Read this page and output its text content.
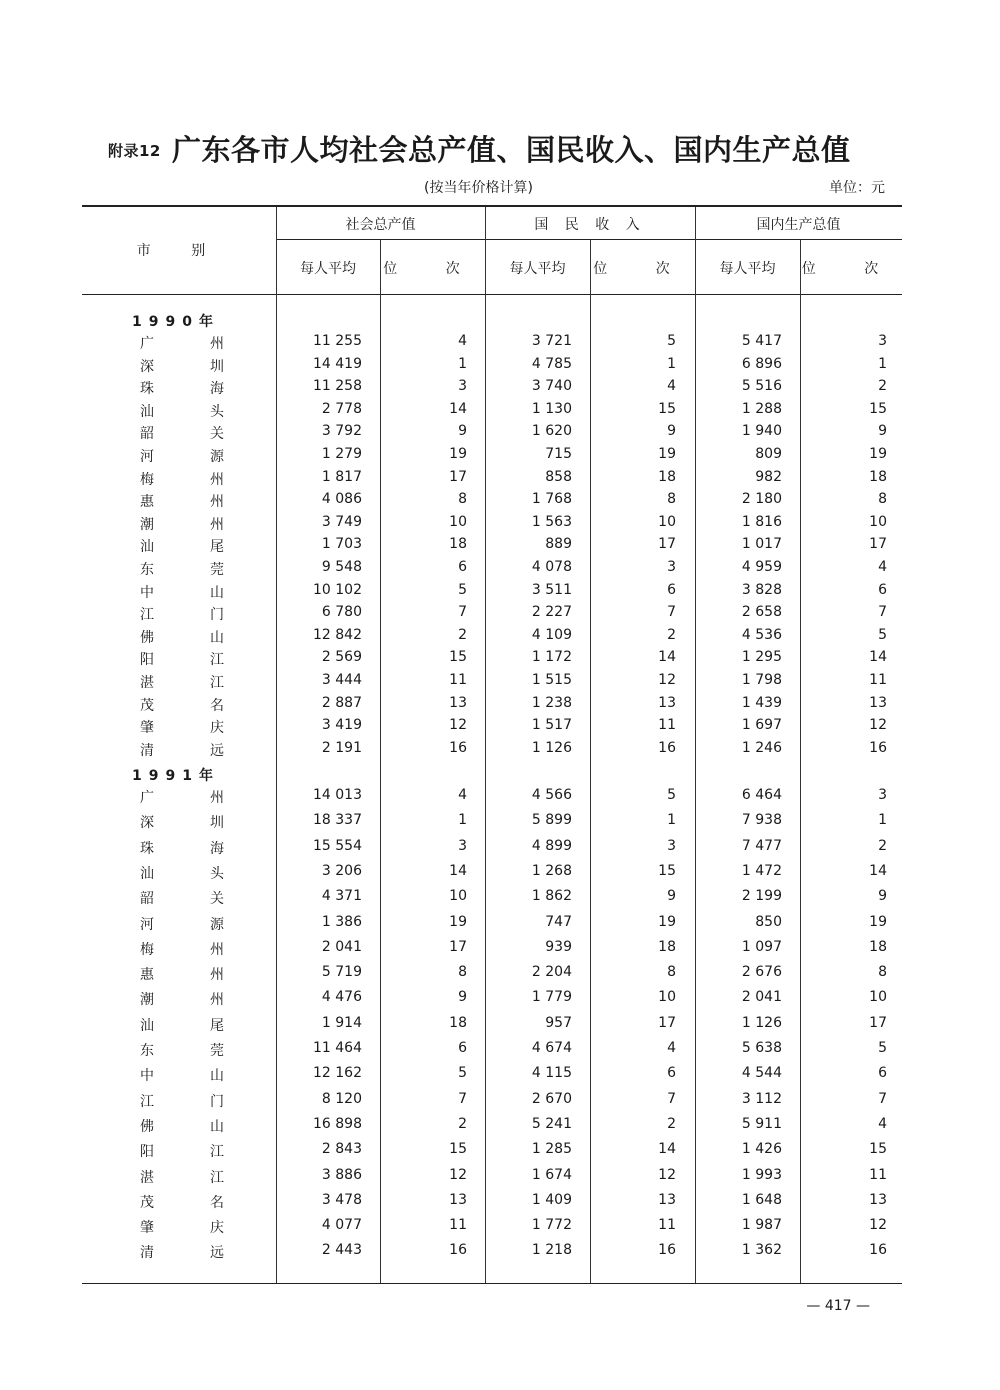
附录12 广东各市人均社会总产值、国民收入、国内生产总值
(按当年价格计算)	单位：元
市 别
社会总产值	国 民 收 入	国内生产总值
每人平均	位 次	每人平均	位 次	每人平均	位 次
1990年
广	州	11 255	4	3 721	5	5 417	3
深	圳	14 419	1	4 785	1	6 896	1
珠	海	11 258	3	3 740	4	5 516	2
汕	头	2 778	14	1 130	15	1 288	15
韶	关	3 792	9	1 620	9	1 940	9
河	源	1 279	19	715	19	809	19
梅	州	1 817	17	858	18	982	18
惠	州	4 086	8	1 768	8	2 180	8
潮	州	3 749	10	1 563	10	1 816	10
汕	尾	1 703	18	889	17	1 017	17
东	莞	9 548	6	4 078	3	4 959	4
中	山	10 102	5	3 511	6	3 828	6
江	门	6 780	7	2 227	7	2 658	7
佛	山	12 842	2	4 109	2	4 536	5
阳	江	2 569	15	1 172	14	1 295	14
湛	江	3 444	11	1 515	12	1 798	11
茂	名	2 887	13	1 238	13	1 439	13
肇	庆	3 419	12	1 517	11	1 697	12
清	远	2 191	16	1 126	16	1 246	16
1991年
广	州	14 013	4	4 566	5	6 464	3
深	圳	18 337	1	5 899	1	7 938	1
珠	海	15 554	3	4 899	3	7 477	2
汕	头	3 206	14	1 268	15	1 472	14
韶	关	4 371	10	1 862	9	2 199	9
河	源	1 386	19	747	19	850	19
梅	州	2 041	17	939	18	1 097	18
惠	州	5 719	8	2 204	8	2 676	8
潮	州	4 476	9	1 779	10	2 041	10
汕	尾	1 914	18	957	17	1 126	17
东	莞	11 464	6	4 674	4	5 638	5
中	山	12 162	5	4 115	6	4 544	6
江	门	8 120	7	2 670	7	3 112	7
佛	山	16 898	2	5 241	2	5 911	4
阳	江	2 843	15	1 285	14	1 426	15
湛	江	3 886	12	1 674	12	1 993	11
茂	名	3 478	13	1 409	13	1 648	13
肇	庆	4 077	11	1 772	11	1 987	12
清	远	2 443	16	1 218	16	1 362	16
— 417 —
